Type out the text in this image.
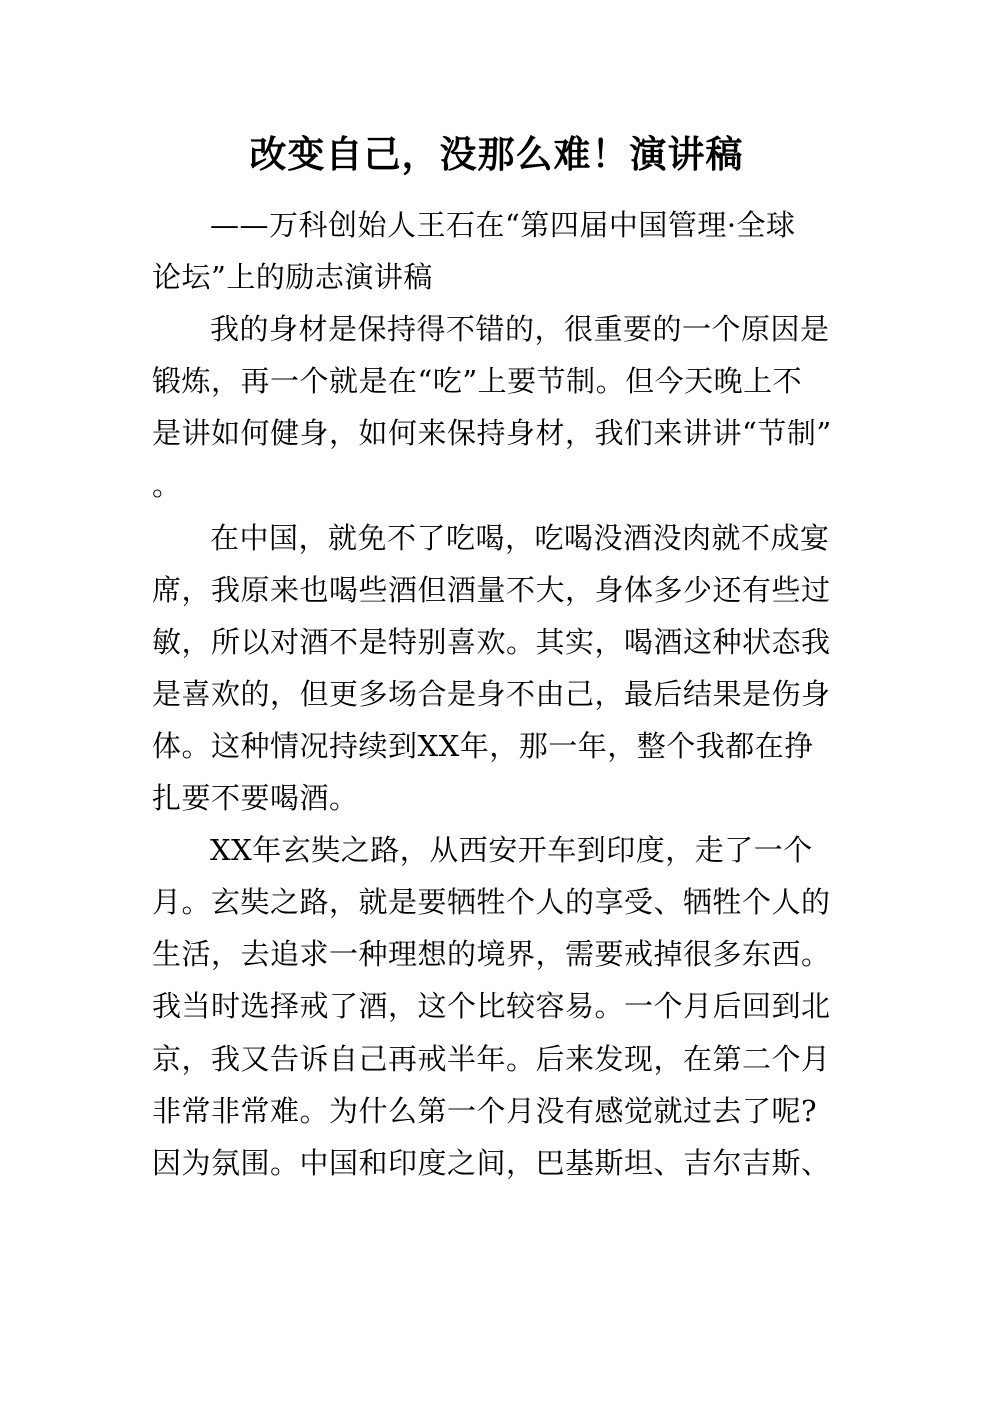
改变自己，没那么难！演讲稿
——万科创始人王石在“第四届中国管理·全球
论坛”上的励志演讲稿
我的身材是保持得不错的，很重要的一个原因是
锻炼，再一个就是在“吃”上要节制。但今天晚上不
是讲如何健身，如何来保持身材，我们来讲讲“节制”
。
在中国，就免不了吃喝，吃喝没酒没肉就不成宴
席，我原来也喝些酒但酒量不大，身体多少还有些过
敏，所以对酒不是特别喜欢。其实，喝酒这种状态我
是喜欢的，但更多场合是身不由己，最后结果是伤身
体。这种情况持续到XX年，那一年，整个我都在挣
扎要不要喝酒。
XX年玄奘之路，从西安开车到印度，走了一个
月。玄奘之路，就是要牺牲个人的享受、牺牲个人的
生活，去追求一种理想的境界，需要戒掉很多东西。
我当时选择戒了酒，这个比较容易。一个月后回到北
京，我又告诉自己再戒半年。后来发现，在第二个月
非常非常难。为什么第一个月没有感觉就过去了呢?
因为氛围。中国和印度之间，巴基斯坦、吉尔吉斯、
